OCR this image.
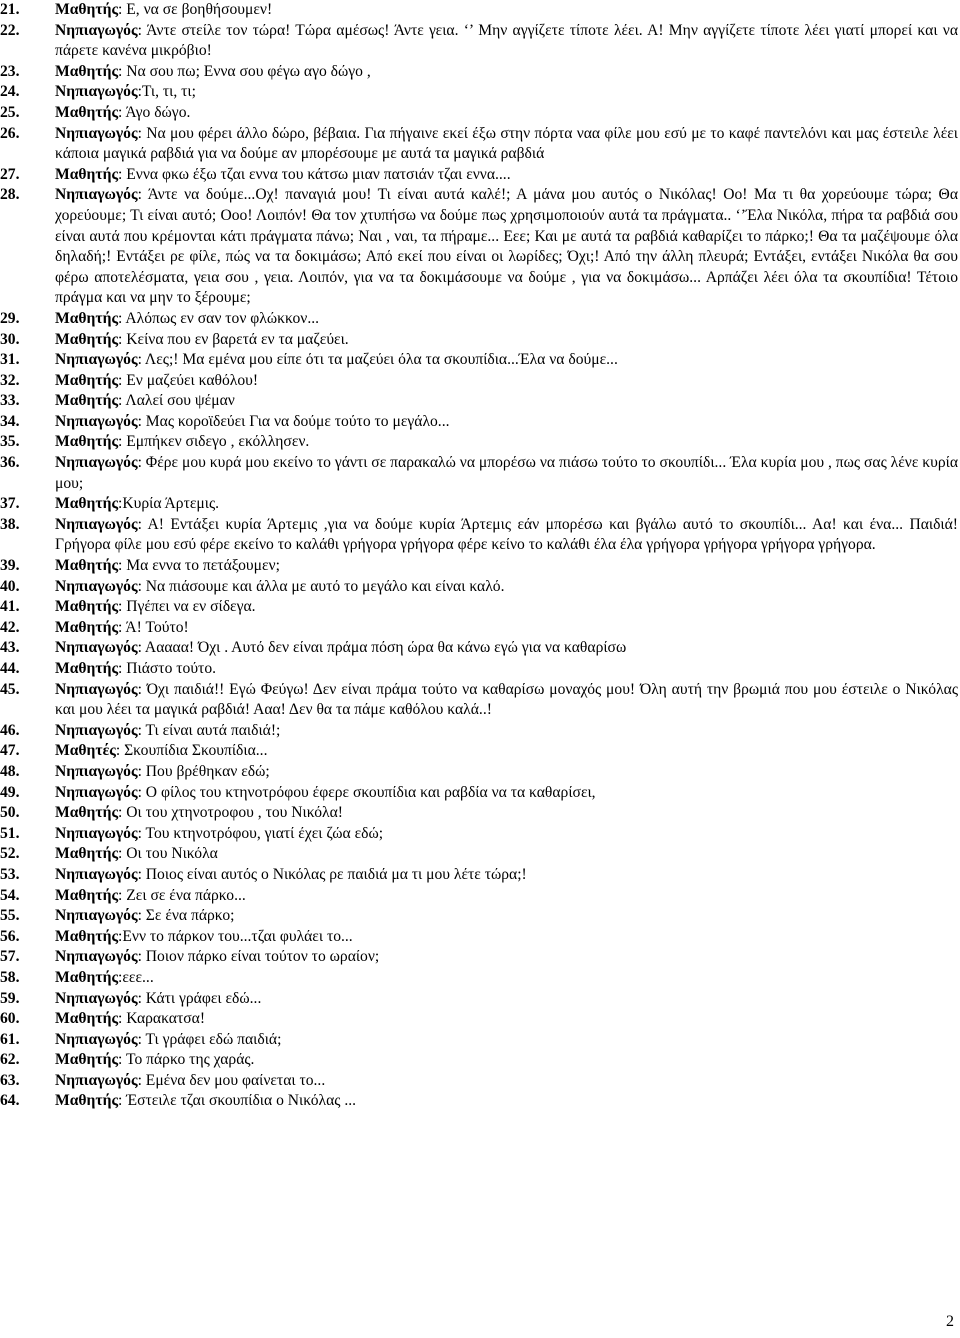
21. Μαθητής: Ε, να σε βοηθήσουμεν!
22. Νηπιαγωγός: Άντε στείλε τον τώρα! Τώρα αμέσως! Άντε γεια. ‘’ Μην αγγίζετε τίποτε λέει. Α! Μην αγγίζετε τίποτε λέει γιατί μπορεί και να πάρετε κανένα μικρόβιο!
23. Μαθητής: Να σου πω; Εννα σου φέγω αγο δώγο ,
24. Νηπιαγωγός:Τι, τι, τι;
25. Μαθητής: Άγο δώγο.
26. Νηπιαγωγός: Να μου φέρει άλλο δώρο, βέβαια. Για πήγαινε εκεί έξω στην πόρτα ναα φίλε μου εσύ με το καφέ παντελόνι και μας έστειλε λέει κάποια μαγικά ραβδιά για να δούμε αν μπορέσουμε με αυτά τα μαγικά ραβδιά
27. Μαθητής: Εννα φκω έξω τζαι εννα του κάτσω μιαν πατσιάν τζαι εννα....
28. Νηπιαγωγός: Άντε να δούμε...Οχ! παναγιά μου! Τι είναι αυτά καλέ!; Α μάνα μου αυτός ο Νικόλας! Οο! Μα τι θα χορεύουμε τώρα; Θα χορεύουμε; Τι είναι αυτό; Οοο! Λοιπόν! Θα τον χτυπήσω να δούμε πως χρησιμοποιούν αυτά τα πράγματα.. ‘’Έλα Νικόλα, πήρα τα ραβδιά σου είναι αυτά που κρέμονται κάτι πράγματα πάνω; Ναι , ναι, τα πήραμε... Εεε; Και με αυτά τα ραβδιά καθαρίζει το πάρκο;! Θα τα μαζέψουμε όλα δηλαδή;! Εντάξει ρε φίλε, πώς να τα δοκιμάσω; Από εκεί που είναι οι λωρίδες; Όχι;! Από την άλλη πλευρά; Εντάξει, εντάξει Νικόλα θα σου φέρω αποτελέσματα, γεια σου , γεια. Λοιπόν, για να τα δοκιμάσουμε να δούμε , για να δοκιμάσω... Αρπάζει λέει όλα τα σκουπίδια! Τέτοιο πράγμα και να μην το ξέρουμε;
29. Μαθητής: Αλόπως εν σαν τον φλώκκον...
30. Μαθητής: Κείνα που εν βαρετά εν τα μαζεύει.
31. Νηπιαγωγός: Λες;! Μα εμένα μου είπε ότι τα μαζεύει όλα τα σκουπίδια...Έλα να δούμε...
32. Μαθητής: Εν μαζεύει καθόλου!
33. Μαθητής: Λαλεί σου ψέμαν
34. Νηπιαγωγός: Μας κοροϊδεύει Για να δούμε τούτο το μεγάλο...
35. Μαθητής: Εμπήκεν σιδεγο , εκόλλησεν.
36. Νηπιαγωγός: Φέρε μου κυρά μου εκείνο το γάντι σε παρακαλώ να μπορέσω να πιάσω τούτο το σκουπίδι... Έλα κυρία μου , πως σας λένε κυρία μου;
37. Μαθητής:Κυρία Άρτεμις.
38. Νηπιαγωγός: Α! Εντάξει κυρία Άρτεμις ,για να δούμε κυρία Άρτεμις εάν μπορέσω και βγάλω αυτό το σκουπίδι... Αα! και ένα... Παιδιά! Γρήγορα φίλε μου εσύ φέρε εκείνο το καλάθι γρήγορα γρήγορα φέρε κείνο το καλάθι έλα έλα γρήγορα γρήγορα γρήγορα γρήγορα.
39. Μαθητής: Μα εννα το πετάξουμεν;
40. Νηπιαγωγός: Να πιάσουμε και άλλα με αυτό το μεγάλο και είναι καλό.
41. Μαθητής: Πγέπει να εν σίδεγα.
42. Μαθητής: Ά! Τούτο!
43. Νηπιαγωγός: Ααααα! Όχι . Αυτό δεν είναι πράμα πόση ώρα θα κάνω εγώ για να καθαρίσω
44. Μαθητής: Πιάστο τούτο.
45. Νηπιαγωγός: Όχι παιδιά!! Εγώ Φεύγω! Δεν είναι πράμα τούτο να καθαρίσω μοναχός μου! Όλη αυτή την βρωμιά που μου έστειλε ο Νικόλας και μου λέει τα μαγικά ραβδιά! Ααα! Δεν θα τα πάμε καθόλου καλά..!
46. Νηπιαγωγός: Τι είναι αυτά παιδιά!;
47. Μαθητές: Σκουπίδια Σκουπίδια...
48. Νηπιαγωγός: Που βρέθηκαν εδώ;
49. Νηπιαγωγός: Ο φίλος του κτηνοτρόφου έφερε σκουπίδια και ραβδία να τα καθαρίσει,
50. Μαθητής: Οι του χτηνοτροφου , του Νικόλα!
51. Νηπιαγωγός: Του κτηνοτρόφου, γιατί έχει ζώα εδώ;
52. Μαθητής: Οι του Νικόλα
53. Νηπιαγωγός: Ποιος είναι αυτός ο Νικόλας ρε παιδιά μα τι μου λέτε τώρα;!
54. Μαθητής: Ζει σε ένα πάρκο...
55. Νηπιαγωγός: Σε ένα πάρκο;
56. Μαθητής:Ενν το πάρκον του...τζαι φυλάει το...
57. Νηπιαγωγός: Ποιον πάρκο είναι τούτον το ωραίον;
58. Μαθητής:εεε...
59. Νηπιαγωγός: Κάτι γράφει εδώ...
60. Μαθητής: Καρακατσα!
61. Νηπιαγωγός: Τι γράφει εδώ παιδιά;
62. Μαθητής: Το πάρκο της χαράς.
63. Νηπιαγωγός: Εμένα δεν μου φαίνεται το...
64. Μαθητής: Έστειλε τζαι σκουπίδια ο Νικόλας ...
2
